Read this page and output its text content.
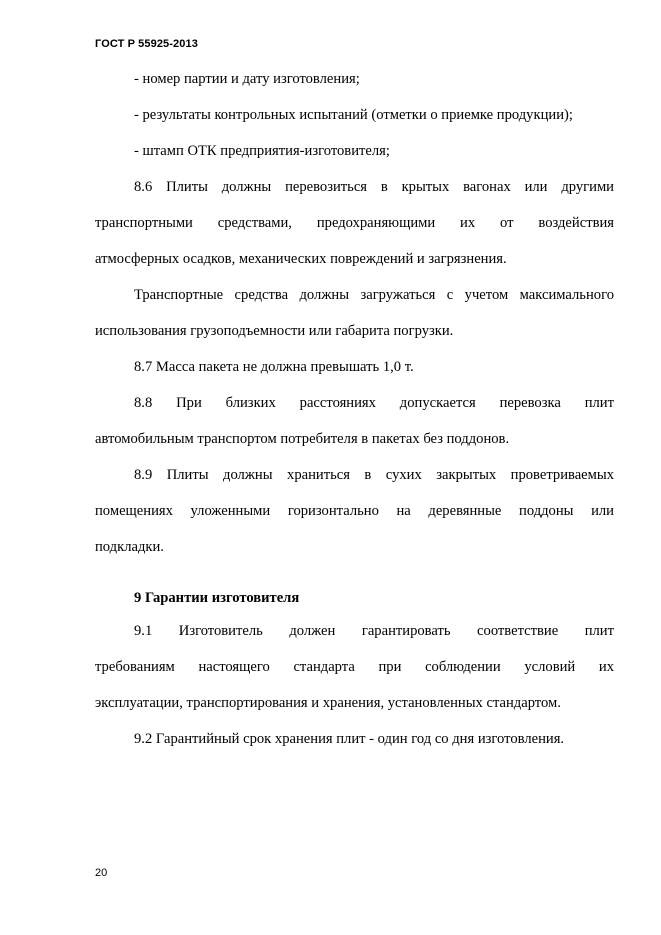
ГОСТ Р 55925-2013
- номер партии и дату изготовления;
- результаты контрольных испытаний (отметки о приемке продукции);
- штамп ОТК предприятия-изготовителя;
8.6 Плиты должны перевозиться в крытых вагонах или другими
транспортными средствами, предохраняющими их от воздействия
атмосферных осадков, механических повреждений и загрязнения.
Транспортные средства должны загружаться с учетом максимального
использования грузоподъемности или габарита погрузки.
8.7 Масса пакета не должна превышать 1,0 т.
8.8 При близких расстояниях допускается перевозка плит
автомобильным транспортом потребителя в пакетах без поддонов.
8.9 Плиты должны храниться в сухих закрытых проветриваемых
помещениях уложенными горизонтально на деревянные поддоны или
подкладки.
9 Гарантии изготовителя
9.1 Изготовитель должен гарантировать соответствие плит
требованиям настоящего стандарта при соблюдении условий их
эксплуатации, транспортирования и хранения, установленных стандартом.
9.2 Гарантийный срок хранения плит - один год со дня изготовления.
20
